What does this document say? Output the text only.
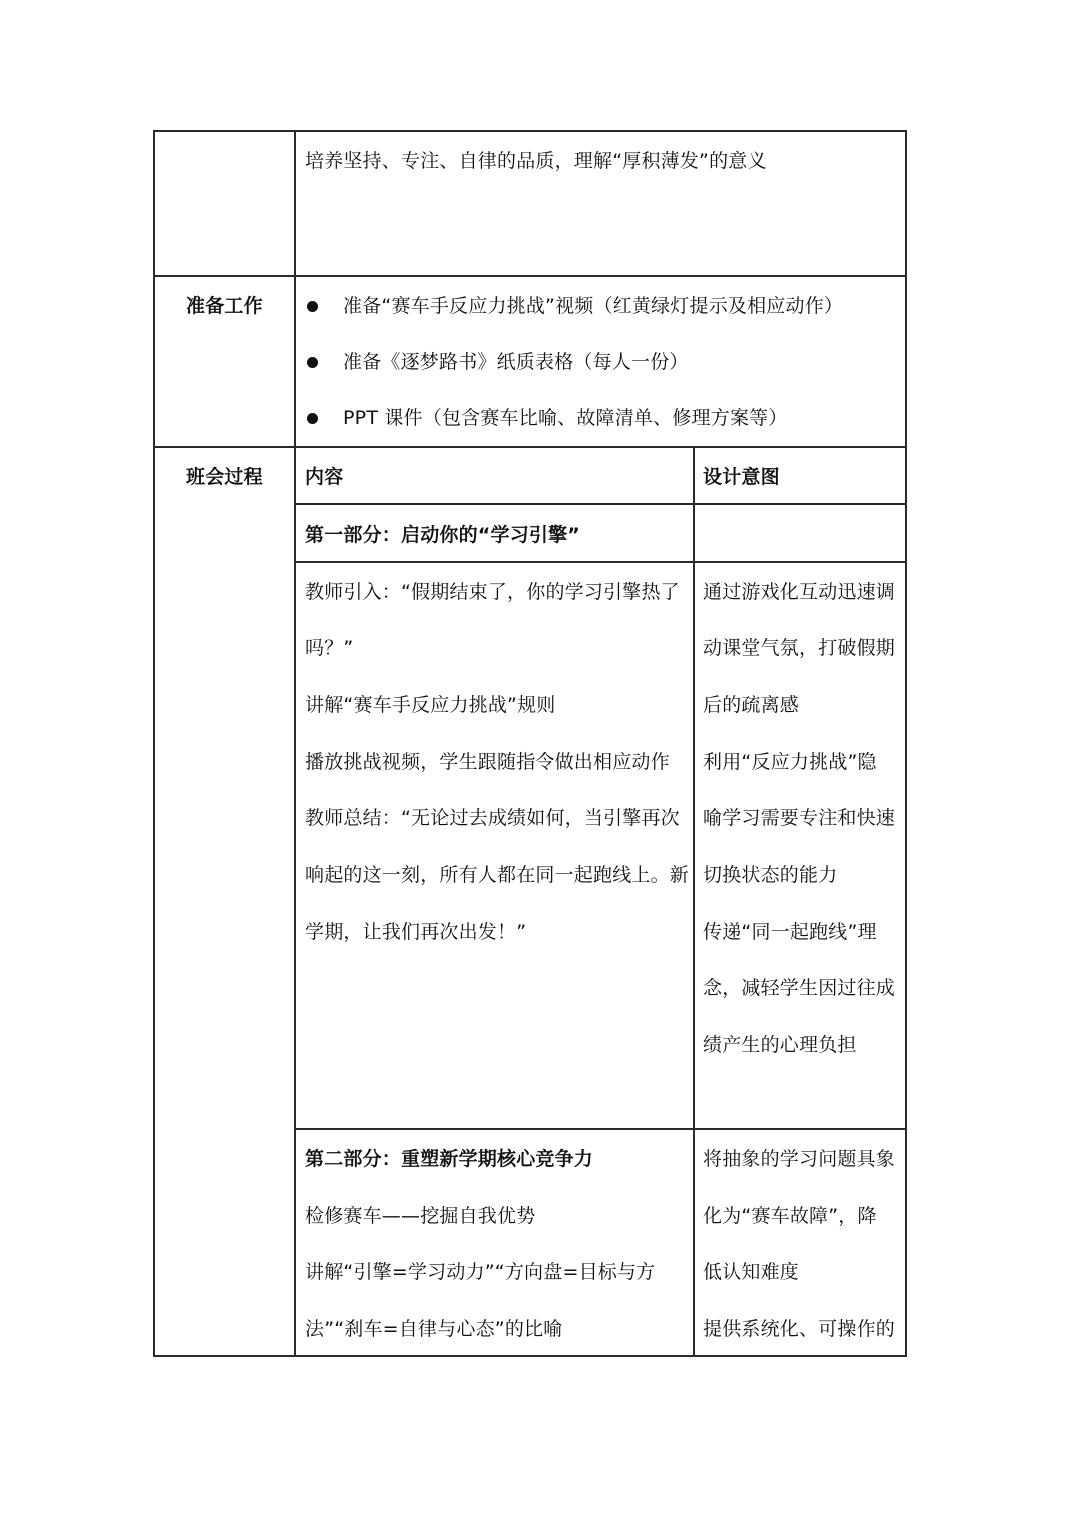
培养坚持、专注、自律的品质，理解“厚积薄发”的意义
准备工作	准备“赛车手反应力挑战”视频（红黄绿灯提示及相应动作）
准备《逐梦路书》纸质表格（每人一份）
PPT 课件（包含赛车比喻、故障清单、修理方案等）
班会过程 内容	设计意图
第一部分：启动你的“学习引擎”
教师引入：“假期结束了，你的学习引擎热了
吗？”
讲解“赛车手反应力挑战”规则
播放挑战视频，学生跟随指令做出相应动作
教师总结：“无论过去成绩如何，当引擎再次
响起的这一刻，所有人都在同一起跑线上。新
学期，让我们再次出发！”
通过游戏化互动迅速调
动课堂气氛，打破假期
后的疏离感
利用“反应力挑战”隐
喻学习需要专注和快速
切换状态的能力
传递“同一起跑线”理
念，减轻学生因过往成
绩产生的心理负担
第二部分：重塑新学期核心竞争力
检修赛车——挖掘自我优势
讲解“引擎=学习动力”“方向盘=目标与方
法”“刹车=自律与心态”的比喻
将抽象的学习问题具象
化为“赛车故障”，降
低认知难度
提供系统化、可操作的
